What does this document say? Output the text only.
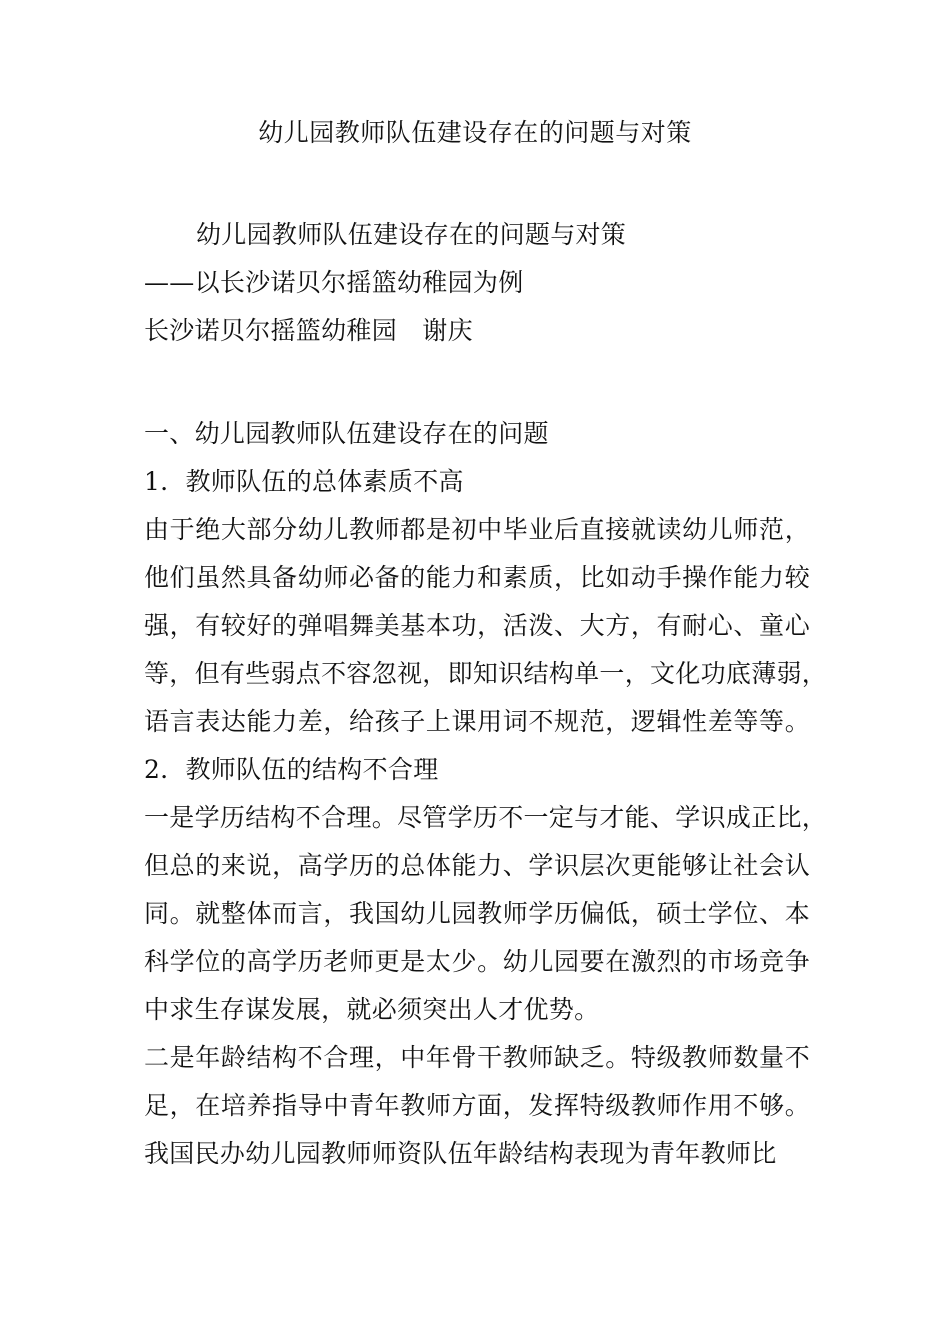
幼儿园教师队伍建设存在的问题与对策
幼儿园教师队伍建设存在的问题与对策
——以长沙诺贝尔摇篮幼稚园为例
长沙诺贝尔摇篮幼稚园　谢庆
一、幼儿园教师队伍建设存在的问题
1．教师队伍的总体素质不高
由于绝大部分幼儿教师都是初中毕业后直接就读幼儿师范，
他们虽然具备幼师必备的能力和素质，比如动手操作能力较
强，有较好的弹唱舞美基本功，活泼、大方，有耐心、童心
等，但有些弱点不容忽视，即知识结构单一，文化功底薄弱，
语言表达能力差，给孩子上课用词不规范，逻辑性差等等。
2．教师队伍的结构不合理
一是学历结构不合理。尽管学历不一定与才能、学识成正比，
但总的来说，高学历的总体能力、学识层次更能够让社会认
同。就整体而言，我国幼儿园教师学历偏低，硕士学位、本
科学位的高学历老师更是太少。幼儿园要在激烈的市场竞争
中求生存谋发展，就必须突出人才优势。
二是年龄结构不合理，中年骨干教师缺乏。特级教师数量不
足，在培养指导中青年教师方面，发挥特级教师作用不够。
我国民办幼儿园教师师资队伍年龄结构表现为青年教师比
